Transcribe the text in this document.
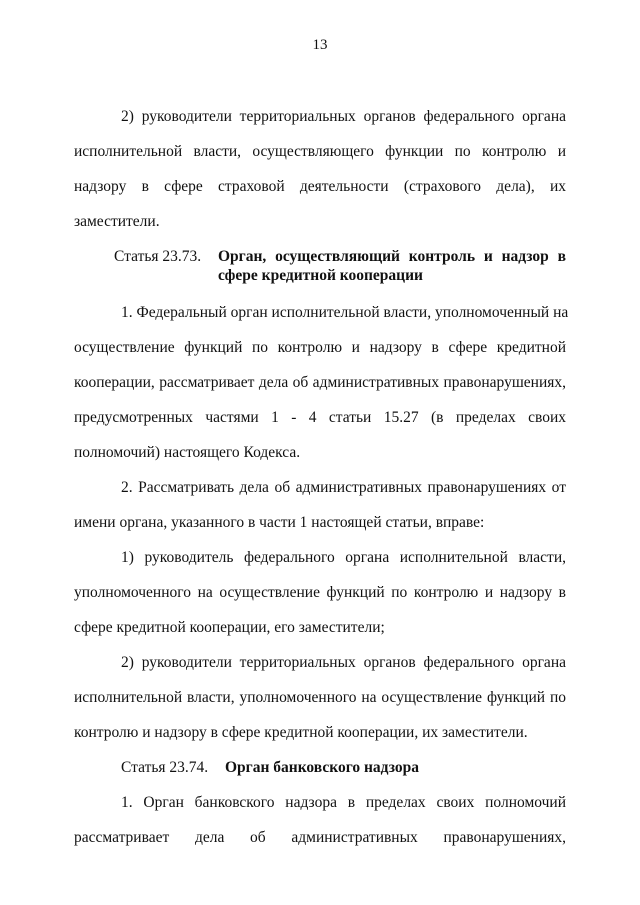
13
2) руководители территориальных органов федерального органа
исполнительной власти, осуществляющего функции по контролю и
надзору в сфере страховой деятельности (страхового дела), их
заместители.
Статья 23.73. Орган, осуществляющий контроль и надзор в
сфере кредитной кооперации
1. Федеральный орган исполнительной власти, уполномоченный на
осуществление функций по контролю и надзору в сфере кредитной
кооперации, рассматривает дела об административных правонарушениях,
предусмотренных частями 1 - 4 статьи 15.27 (в пределах своих
полномочий) настоящего Кодекса.
2. Рассматривать дела об административных правонарушениях от
имени органа, указанного в части 1 настоящей статьи, вправе:
1) руководитель федерального органа исполнительной власти,
уполномоченного на осуществление функций по контролю и надзору в
сфере кредитной кооперации, его заместители;
2) руководители территориальных органов федерального органа
исполнительной власти, уполномоченного на осуществление функций по
контролю и надзору в сфере кредитной кооперации, их заместители.
Статья 23.74. Орган банковского надзора
1. Орган банковского надзора в пределах своих полномочий
рассматривает дела об административных правонарушениях,
